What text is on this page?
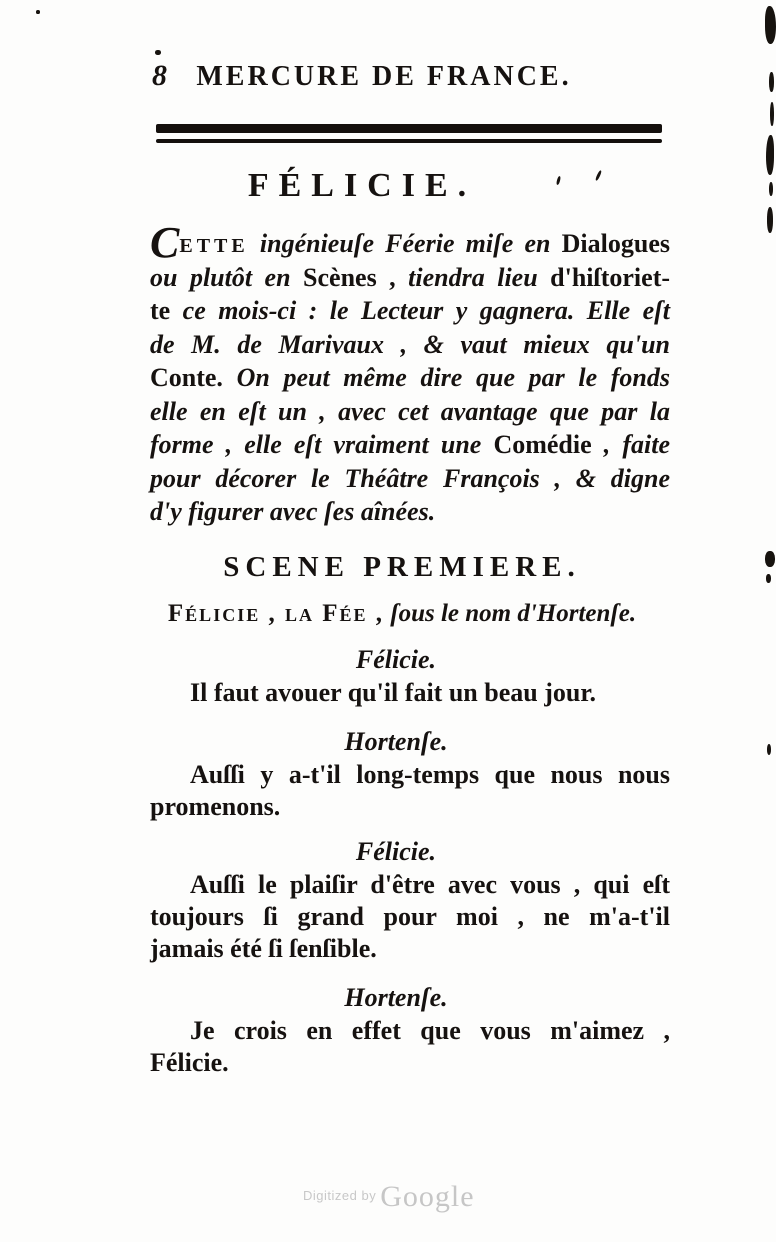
8	MERCURE DE FRANCE.
FÉLICIE.
CETTE ingénieuſe Féerie miſe en Dialogues
ou plutôt en Scènes , tiendra lieu d'hiſtoriet-
te ce mois-ci : le Lecteur y gagnera. Elle eſt
de M. de Marivaux , & vaut mieux qu'un
Conte. On peut même dire que par le fonds
elle en eſt un , avec cet avantage que par la
forme , elle eſt vraiment une Comédie , faite
pour décorer le Théâtre François , & digne
d'y figurer avec ſes aînées.
SCENE PREMIERE.
Félicie , la Fée , ſous le nom d'Hortenſe.
Félicie.
Il faut avouer qu'il fait un beau jour.
Hortenſe.
Auſſi y a-t'il long-temps que nous nous
promenons.
Félicie.
Auſſi le plaiſir d'être avec vous , qui eſt
toujours ſi grand pour moi , ne m'a-t'il
jamais été ſi ſenſible.
Hortenſe.
Je crois en effet que vous m'aimez ,
Félicie.
$^{Digitized by}$ Google
